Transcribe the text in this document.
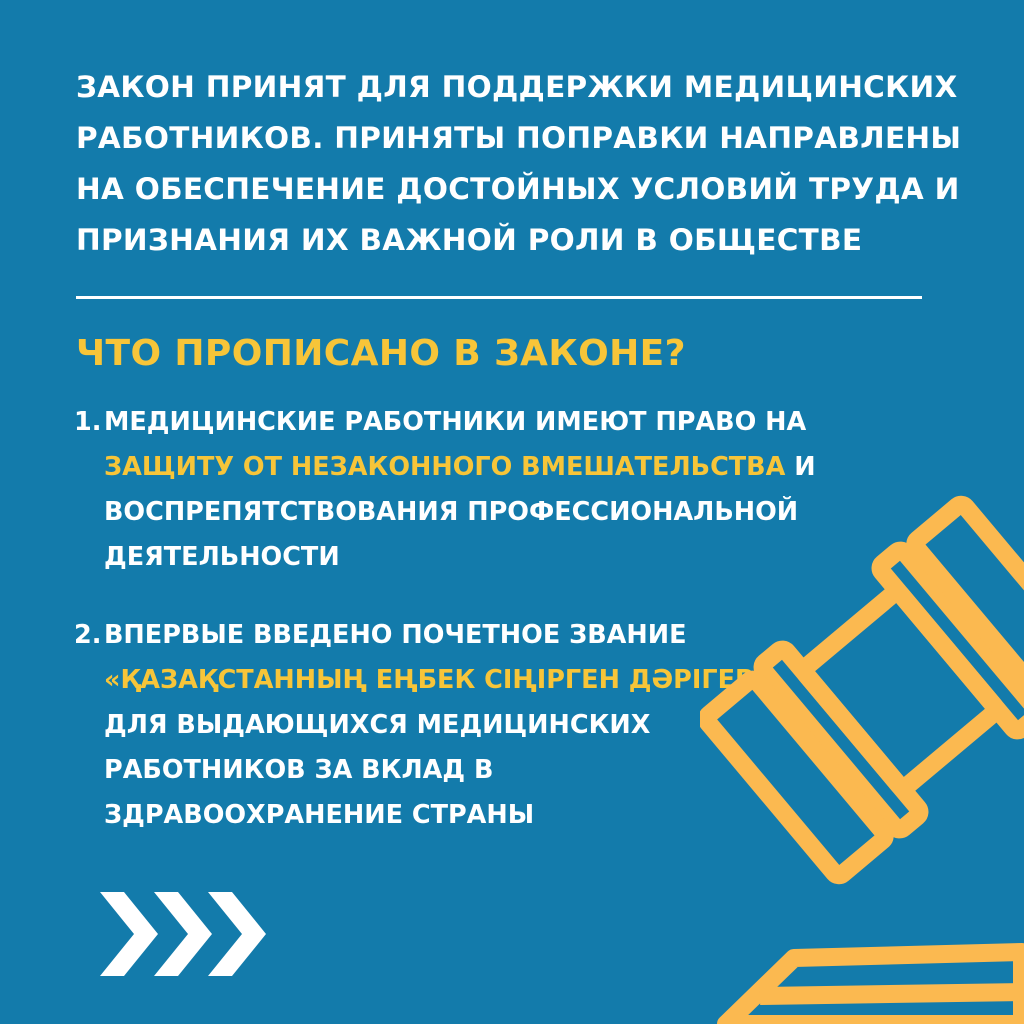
ЗАКОН ПРИНЯТ ДЛЯ ПОДДЕРЖКИ МЕДИЦИНСКИХ
РАБОТНИКОВ. ПРИНЯТЫ ПОПРАВКИ НАПРАВЛЕНЫ
НА ОБЕСПЕЧЕНИЕ ДОСТОЙНЫХ УСЛОВИЙ ТРУДА И
ПРИЗНАНИЯ ИХ ВАЖНОЙ РОЛИ В ОБЩЕСТВЕ
ЧТО ПРОПИСАНО В ЗАКОНЕ?
1. МЕДИЦИНСКИЕ РАБОТНИКИ ИМЕЮТ ПРАВО НА
ЗАЩИТУ ОТ НЕЗАКОННОГО ВМЕШАТЕЛЬСТВА И
ВОСПРЕПЯТСТВОВАНИЯ ПРОФЕССИОНАЛЬНОЙ
ДЕЯТЕЛЬНОСТИ
2. ВПЕРВЫЕ ВВЕДЕНО ПОЧЕТНОЕ ЗВАНИЕ
«ҚАЗАҚСТАННЫҢ ЕҢБЕК СІҢІРГЕН ДӘРІГЕРІ»
ДЛЯ ВЫДАЮЩИХСЯ МЕДИЦИНСКИХ
РАБОТНИКОВ ЗА ВКЛАД В
ЗДРАВООХРАНЕНИЕ СТРАНЫ
